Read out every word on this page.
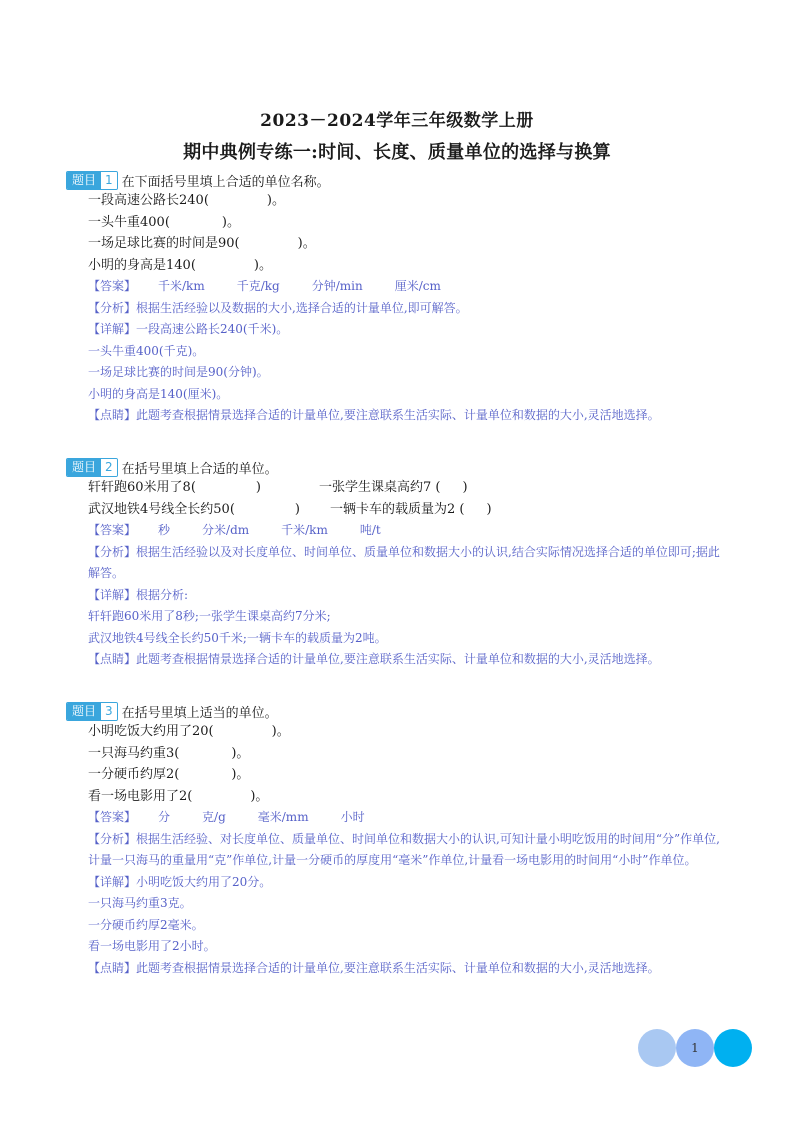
2023－2024学年三年级数学上册
期中典例专练一:时间、长度、质量单位的选择与换算
题目 1 在下面括号里填上合适的单位名称。
一段高速公路长240(	)。
一头牛重400(	)。
一场足球比赛的时间是90(	)。
小明的身高是140(	)。
【答案】 千米/km	千克/kg	分钟/min	厘米/cm
【分析】根据生活经验以及数据的大小,选择合适的计量单位,即可解答。
【详解】一段高速公路长240(千米)。
一头牛重400(千克)。
一场足球比赛的时间是90(分钟)。
小明的身高是140(厘米)。
【点睛】此题考查根据情景选择合适的计量单位,要注意联系生活实际、计量单位和数据的大小,灵活地选择。
题目 2 在括号里填上合适的单位。
轩轩跑60米用了8(	)	一张学生课桌高约7 ( )
武汉地铁4号线全长约50(	) 一辆卡车的载质量为2 ( )
【答案】 秒	分米/dm	千米/km	吨/t
【分析】根据生活经验以及对长度单位、时间单位、质量单位和数据大小的认识,结合实际情况选择合适的单位即可;据此解答。
【详解】根据分析:
轩轩跑60米用了8秒;一张学生课桌高约7分米;
武汉地铁4号线全长约50千米;一辆卡车的载质量为2吨。
【点睛】此题考查根据情景选择合适的计量单位,要注意联系生活实际、计量单位和数据的大小,灵活地选择。
题目 3 在括号里填上适当的单位。
小明吃饭大约用了20(	)。
一只海马约重3(	)。
一分硬币约厚2(	)。
看一场电影用了2(	)。
【答案】 分	克/g	毫米/mm	小时
【分析】根据生活经验、对长度单位、质量单位、时间单位和数据大小的认识,可知计量小明吃饭用的时间用“分”作单位,计量一只海马的重量用“克”作单位,计量一分硬币的厚度用“毫米”作单位,计量看一场电影用的时间用“小时”作单位。
【详解】小明吃饭大约用了20分。
一只海马约重3克。
一分硬币约厚2毫米。
看一场电影用了2小时。
【点睛】此题考查根据情景选择合适的计量单位,要注意联系生活实际、计量单位和数据的大小,灵活地选择。
1
